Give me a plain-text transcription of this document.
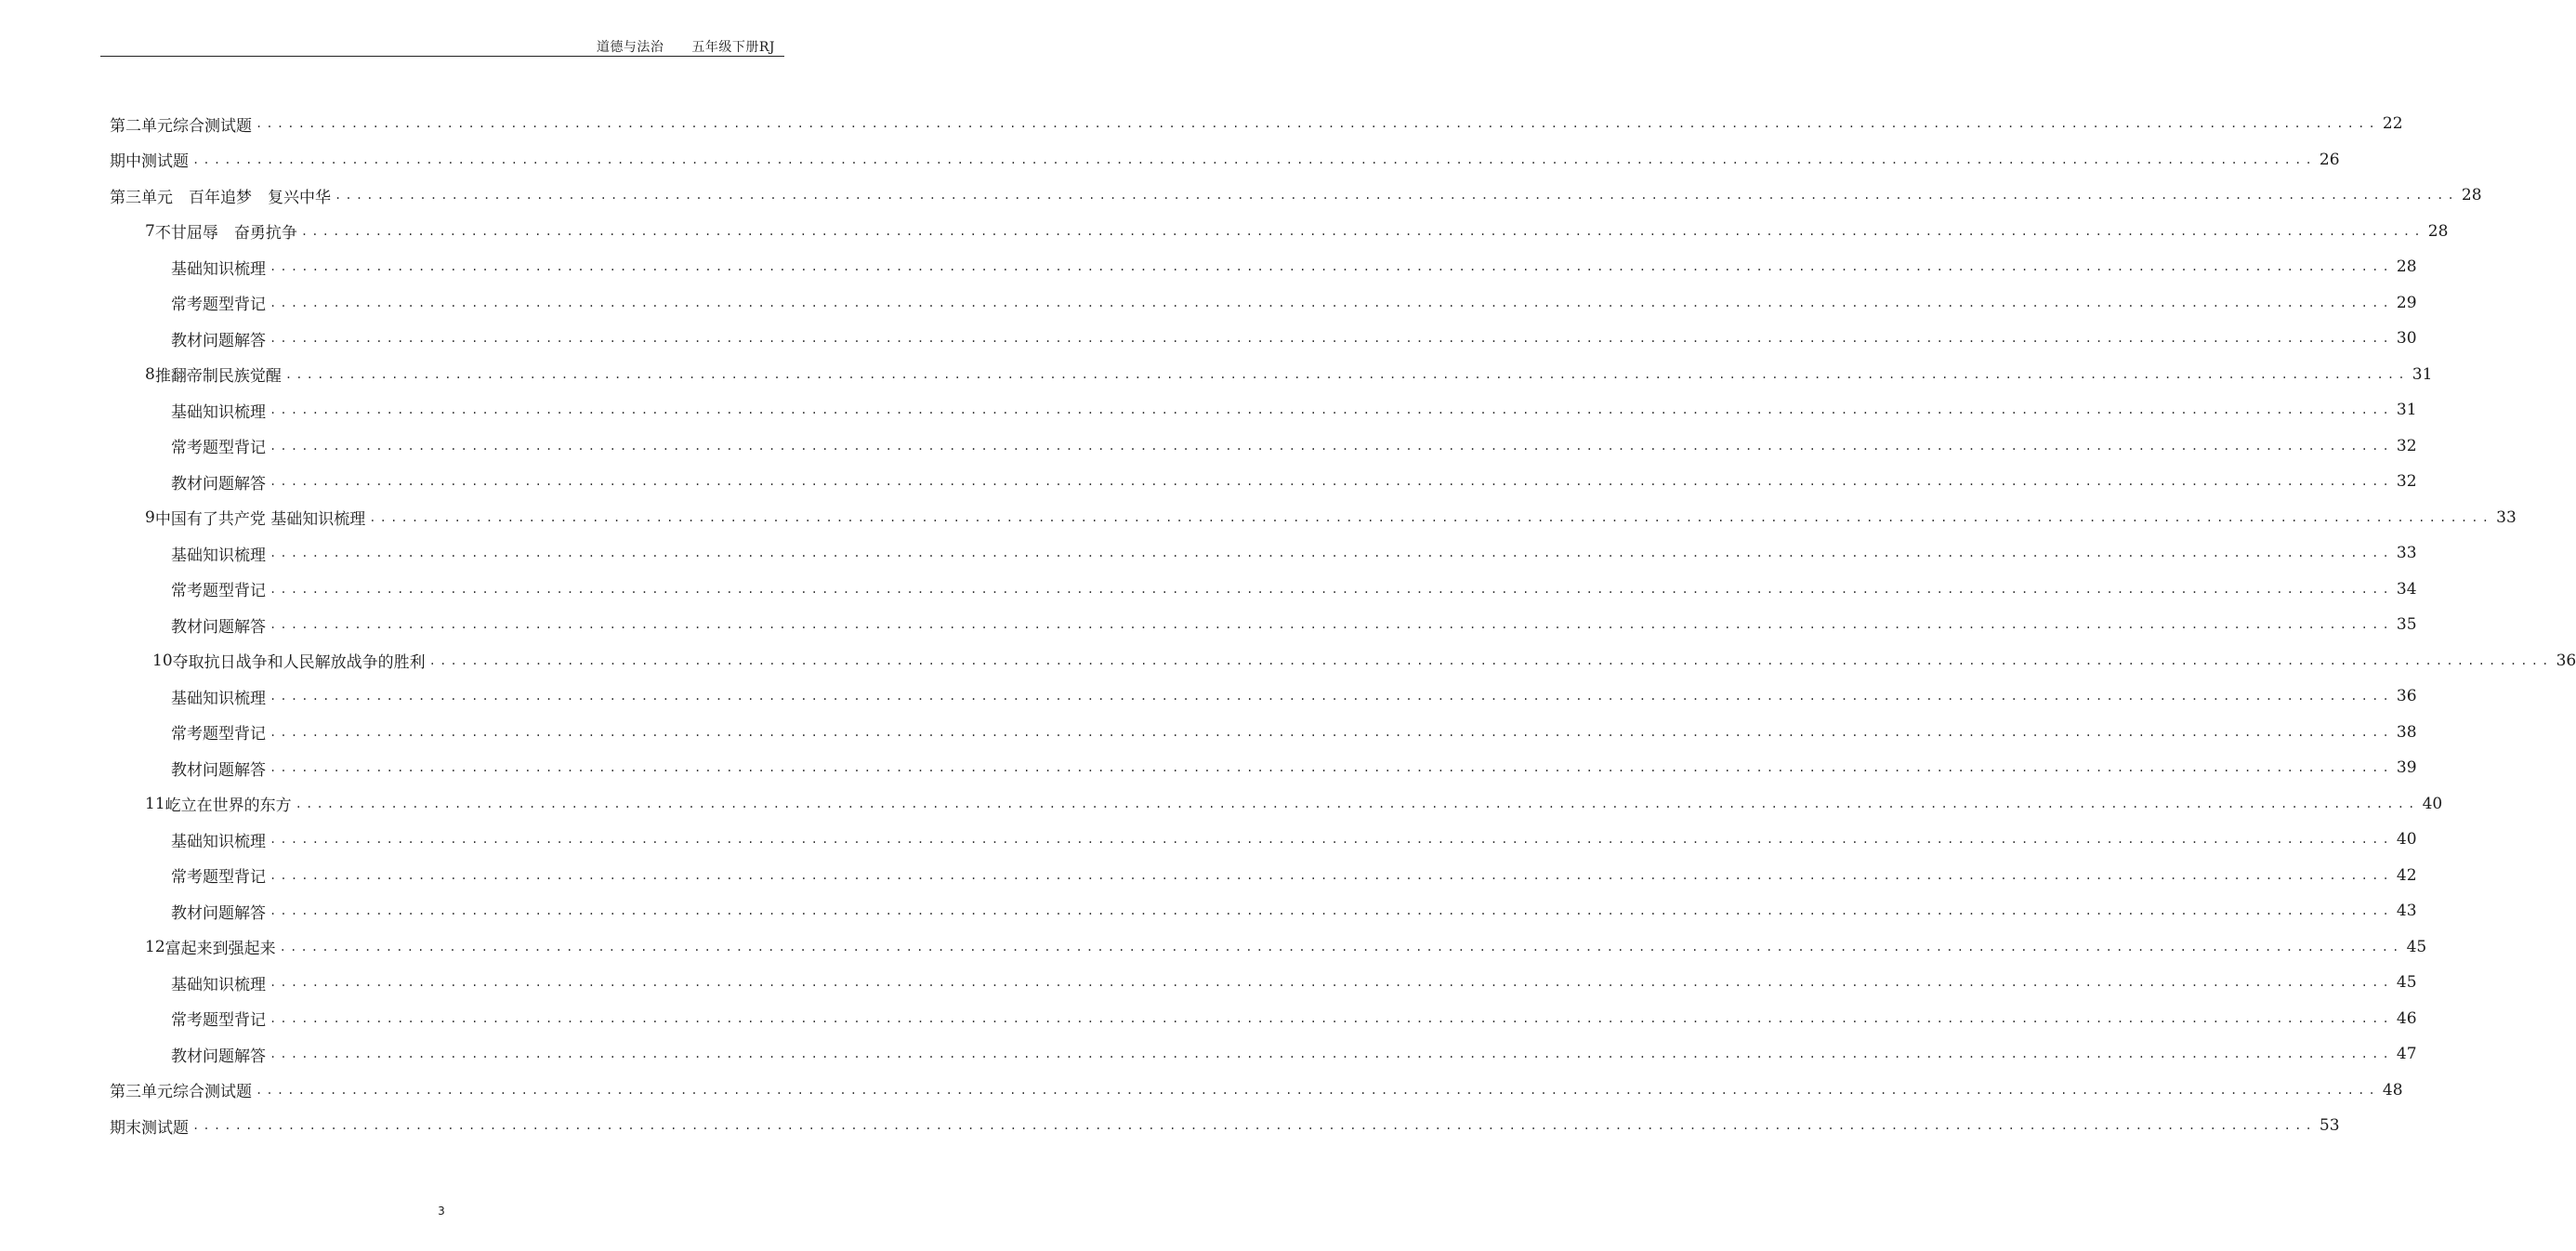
道德与法治 五年级下册RJ
第二单元综合测试题 ........................................................................................................................................................................................................ 22
期中测试题 ........................................................................................................................................................................................................ 26
第三单元　百年追梦　复兴中华 ........................................................................................................................................................................................................ 28
7 不甘屈辱　奋勇抗争 ........................................................................................................................................................................................................ 28
基础知识梳理 ........................................................................................................................................................................................................ 28
常考题型背记 ........................................................................................................................................................................................................ 29
教材问题解答 ........................................................................................................................................................................................................ 30
8 推翻帝制民族觉醒 ........................................................................................................................................................................................................ 31
基础知识梳理 ........................................................................................................................................................................................................ 31
常考题型背记 ........................................................................................................................................................................................................ 32
教材问题解答 ........................................................................................................................................................................................................ 32
9 中国有了共产党 基础知识梳理 ........................................................................................................................................................................................................ 33
基础知识梳理 ........................................................................................................................................................................................................ 33
常考题型背记 ........................................................................................................................................................................................................ 34
教材问题解答 ........................................................................................................................................................................................................ 35
10 夺取抗日战争和人民解放战争的胜利 ........................................................................................................................................................................................................ 36
基础知识梳理 ........................................................................................................................................................................................................ 36
常考题型背记 ........................................................................................................................................................................................................ 38
教材问题解答 ........................................................................................................................................................................................................ 39
11 屹立在世界的东方 ........................................................................................................................................................................................................ 40
基础知识梳理 ........................................................................................................................................................................................................ 40
常考题型背记 ........................................................................................................................................................................................................ 42
教材问题解答 ........................................................................................................................................................................................................ 43
12 富起来到强起来 ........................................................................................................................................................................................................ 45
基础知识梳理 ........................................................................................................................................................................................................ 45
常考题型背记 ........................................................................................................................................................................................................ 46
教材问题解答 ........................................................................................................................................................................................................ 47
第三单元综合测试题 ........................................................................................................................................................................................................ 48
期末测试题 ........................................................................................................................................................................................................ 53
3
